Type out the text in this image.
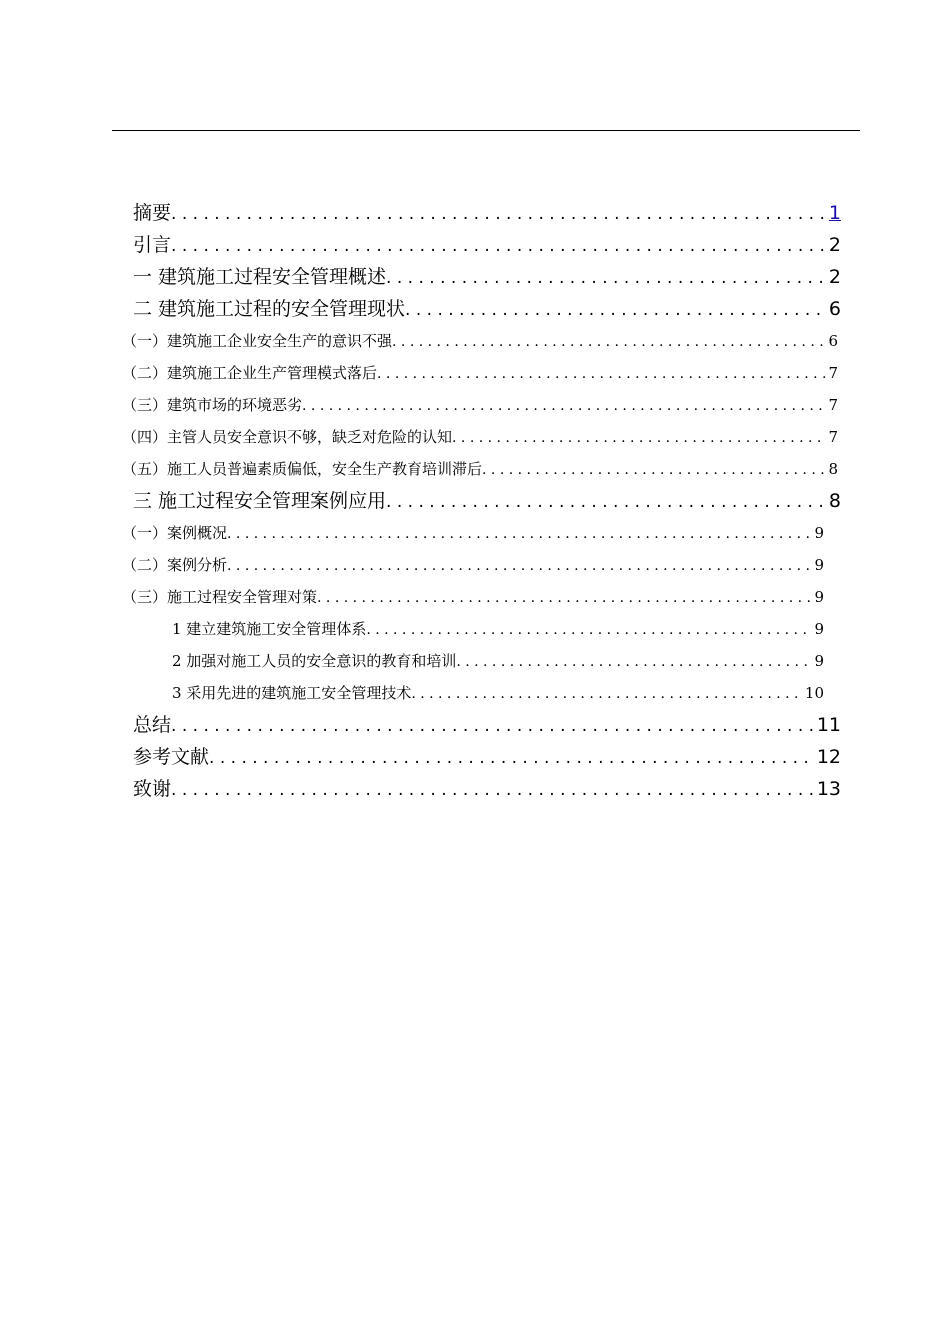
摘要 . . .	1
引言 . . .	2
一 建筑施工过程安全管理概述 . . .	2
二 建筑施工过程的安全管理现状 . . .	6
（一）建筑施工企业安全生产的意识不强 . . .	6
（二）建筑施工企业生产管理模式落后 . . .	7
（三）建筑市场的环境恶劣 . . .	7
（四）主管人员安全意识不够，缺乏对危险的认知 . . .	7
（五）施工人员普遍素质偏低，安全生产教育培训滞后 . . .	8
三 施工过程安全管理案例应用 . . .	8
（一）案例概况 . . .	9
（二）案例分析 . . .	9
（三）施工过程安全管理对策 . . .	9
1 建立建筑施工安全管理体系 . . .	9
2 加强对施工人员的安全意识的教育和培训 . . .	9
3 采用先进的建筑施工安全管理技术 . . .	10
总结 . . .	11
参考文献 . . .	12
致谢 . . .	13
